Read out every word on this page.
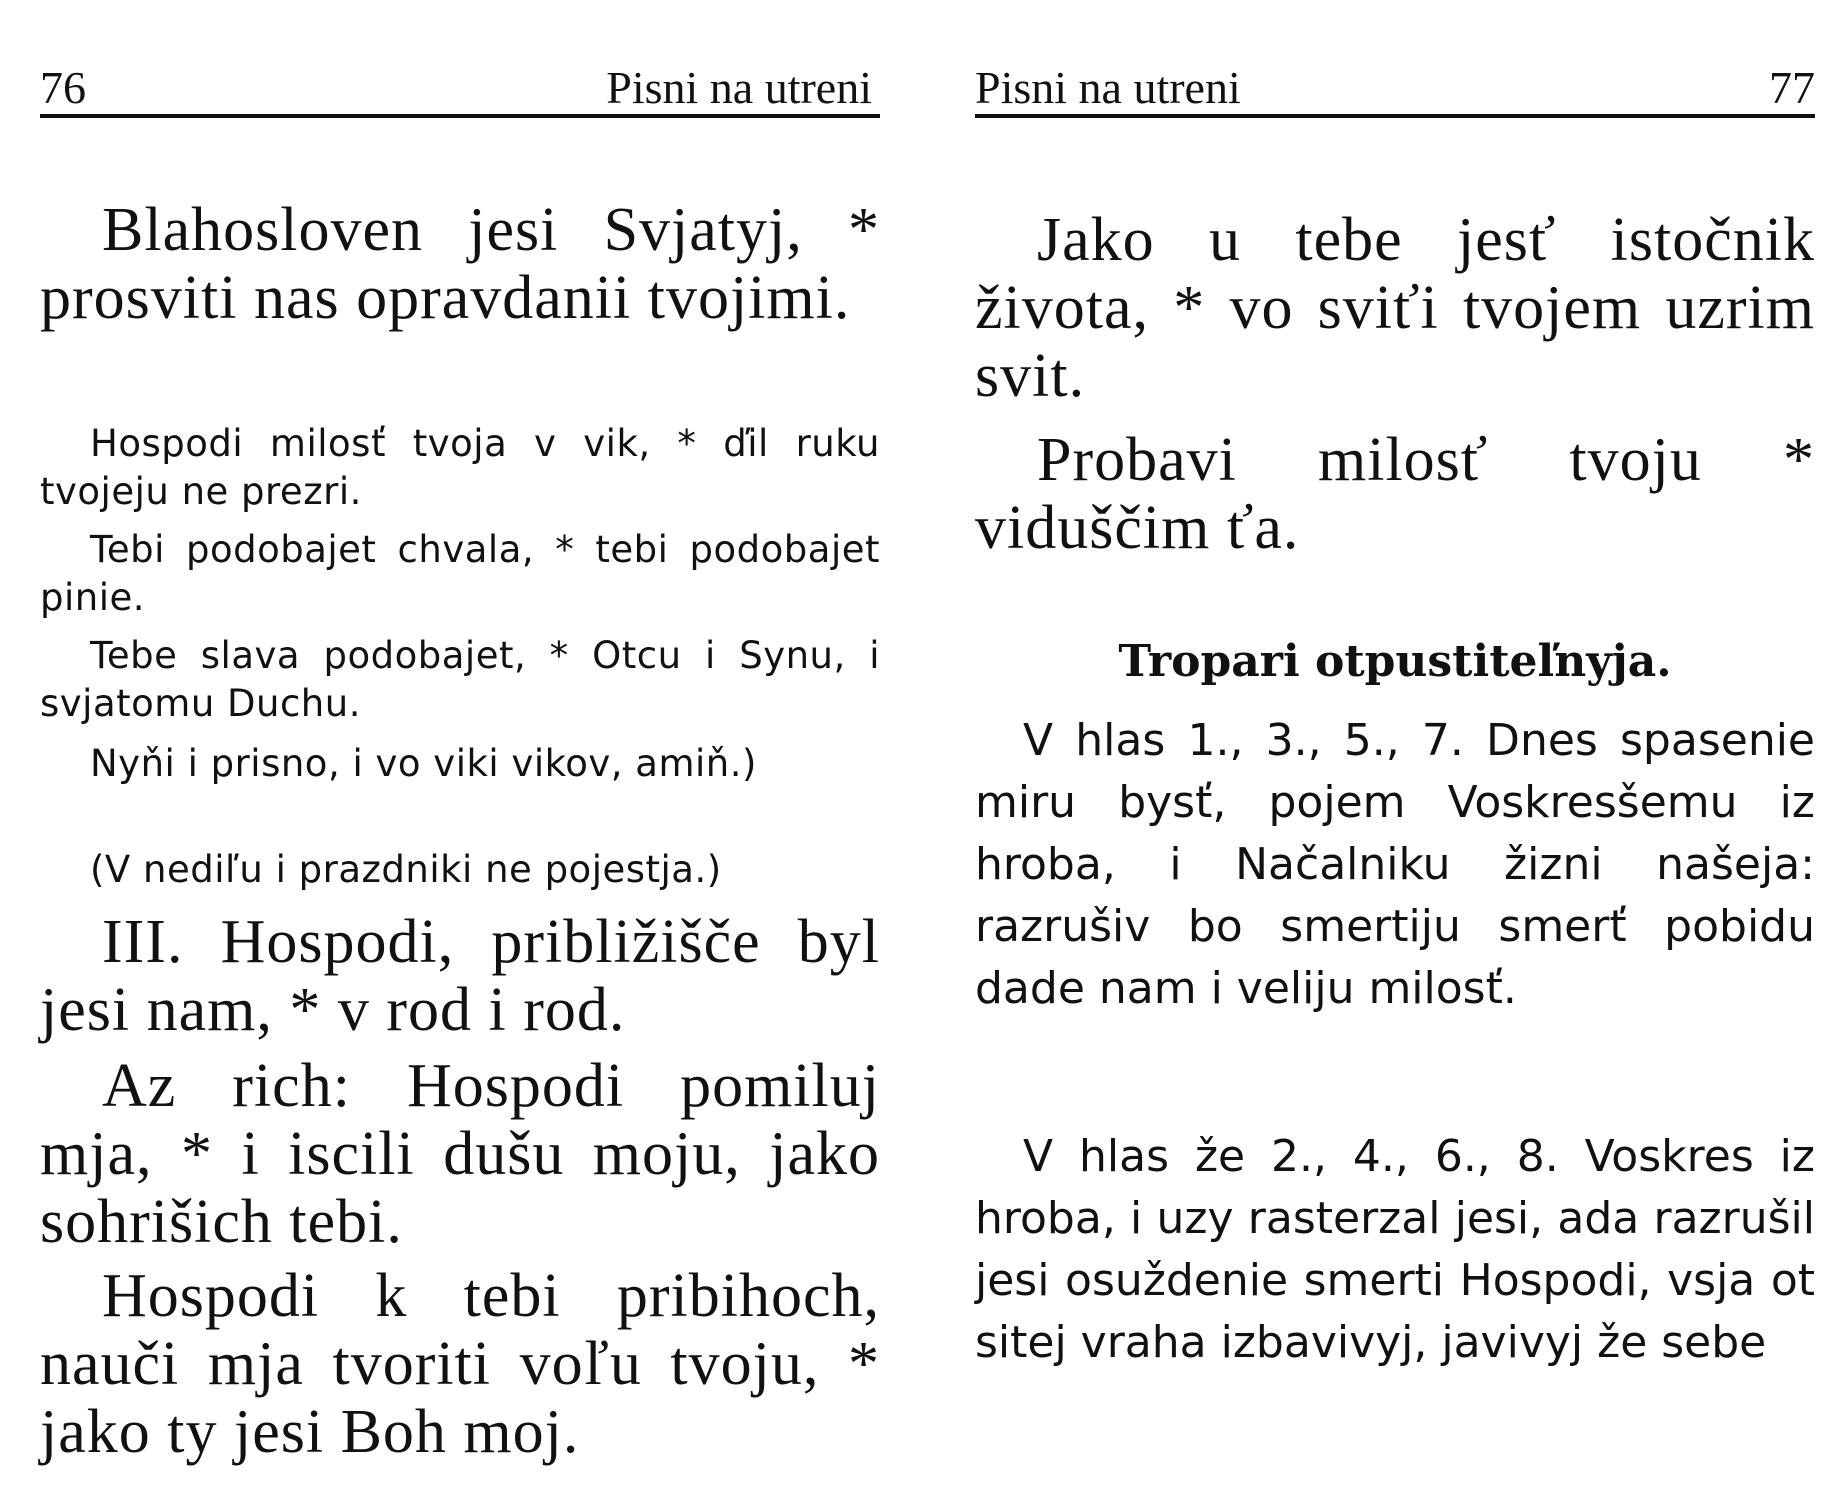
76	Pisni na utreni

Blahosloven jesi Svjatyj, * prosviti nas opravdanii tvojimi.

Hospodi milosť tvoja v vik, * ďil ruku tvojeju ne prezri.

Tebi podobajet chvala, * tebi podobajet pinie.

Tebe slava podobajet, * Otcu i Synu, i svjatomu Duchu.

Nyňi i prisno, i vo viki vikov, amiň.)

(V nediľu i prazdniki ne pojestja.)

III. Hospodi, približišče byl jesi nam, * v rod i rod.

Az rich: Hospodi pomiluj mja, * i iscili dušu moju, jako sohrišich tebi.

Hospodi k tebi pribihoch, nauči mja tvoriti voľu tvoju, * jako ty jesi Boh moj.

Pisni na utreni	77

Jako u tebe jesť istočnik života, * vo sviťi tvojem uzrim svit.

Probavi milosť tvoju * viduščim ťa.

Tropari otpustiteľnyja.

V hlas 1., 3., 5., 7. Dnes spasenie miru bysť, pojem Voskresšemu iz hroba, i Načalniku žizni našeja: razrušiv bo smertiju smerť pobidu dade nam i veliju milosť.

V hlas že 2., 4., 6., 8. Voskres iz hroba, i uzy rasterzal jesi, ada razrušil jesi osuždenie smerti Hospodi, vsja ot sitej vraha izbavivyj, javivyj že sebe
